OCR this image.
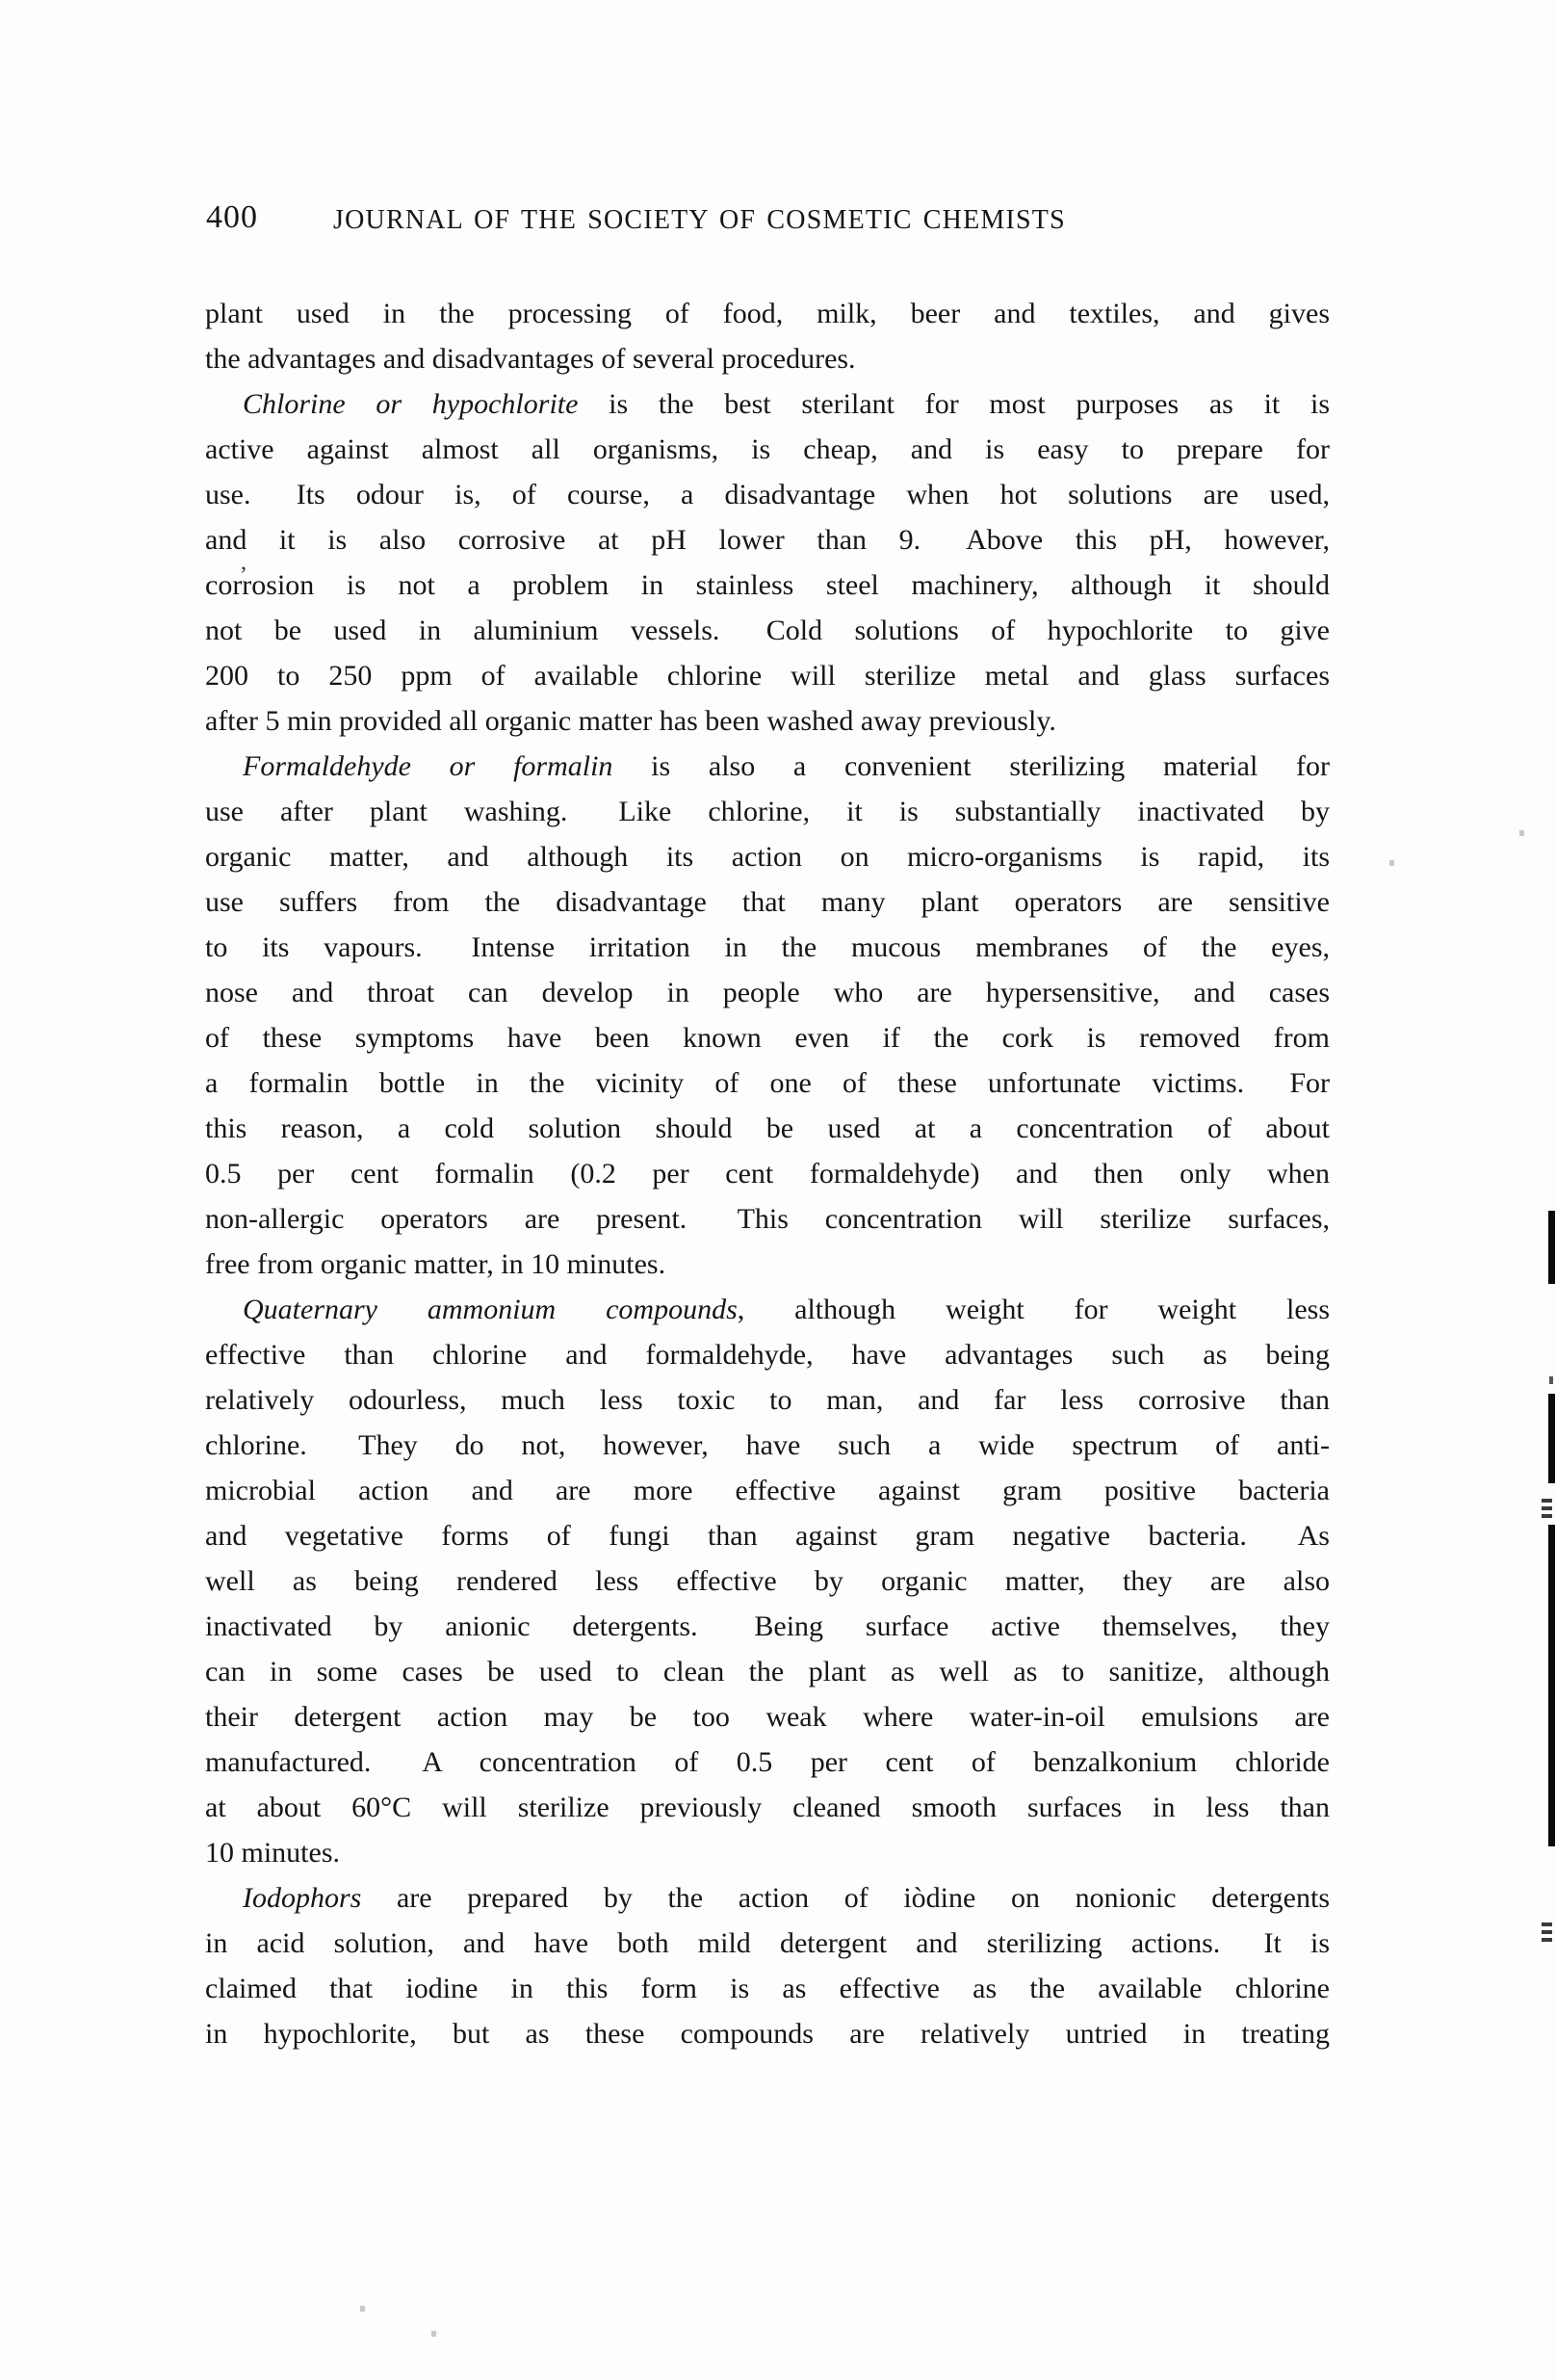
400	JOURNAL OF THE SOCIETY OF COSMETIC CHEMISTS
plant used in the processing of food, milk, beer and textiles, and gives
the advantages and disadvantages of several procedures.
Chlorine or hypochlorite is the best sterilant for most purposes as it is
active against almost all organisms, is cheap, and is easy to prepare for
use.  Its odour is, of course, a disadvantage when hot solutions are used,
and it is also corrosive at pH lower than 9.  Above this pH, however,
corrosion is not a problem in stainless steel machinery, although it should
not be used in aluminium vessels.  Cold solutions of hypochlorite to give
200 to 250 ppm of available chlorine will sterilize metal and glass surfaces
after 5 min provided all organic matter has been washed away previously.
Formaldehyde or formalin is also a convenient sterilizing material for
use after plant washing.  Like chlorine, it is substantially inactivated by
organic matter, and although its action on micro-organisms is rapid, its
use suffers from the disadvantage that many plant operators are sensitive
to its vapours.  Intense irritation in the mucous membranes of the eyes,
nose and throat can develop in people who are hypersensitive, and cases
of these symptoms have been known even if the cork is removed from
a formalin bottle in the vicinity of one of these unfortunate victims.  For
this reason, a cold solution should be used at a concentration of about
0.5 per cent formalin (0.2 per cent formaldehyde) and then only when
non-allergic operators are present.  This concentration will sterilize surfaces,
free from organic matter, in 10 minutes.
Quaternary ammonium compounds, although weight for weight less
effective than chlorine and formaldehyde, have advantages such as being
relatively odourless, much less toxic to man, and far less corrosive than
chlorine.  They do not, however, have such a wide spectrum of anti-
microbial action and are more effective against gram positive bacteria
and vegetative forms of fungi than against gram negative bacteria.  As
well as being rendered less effective by organic matter, they are also
inactivated by anionic detergents.  Being surface active themselves, they
can in some cases be used to clean the plant as well as to sanitize, although
their detergent action may be too weak where water-in-oil emulsions are
manufactured.  A concentration of 0.5 per cent of benzalkonium chloride
at about 60°C will sterilize previously cleaned smooth surfaces in less than
10 minutes.
Iodophors are prepared by the action of iòdine on nonionic detergents
in acid solution, and have both mild detergent and sterilizing actions.  It is
claimed that iodine in this form is as effective as the available chlorine
in hypochlorite, but as these compounds are relatively untried in treating
,
